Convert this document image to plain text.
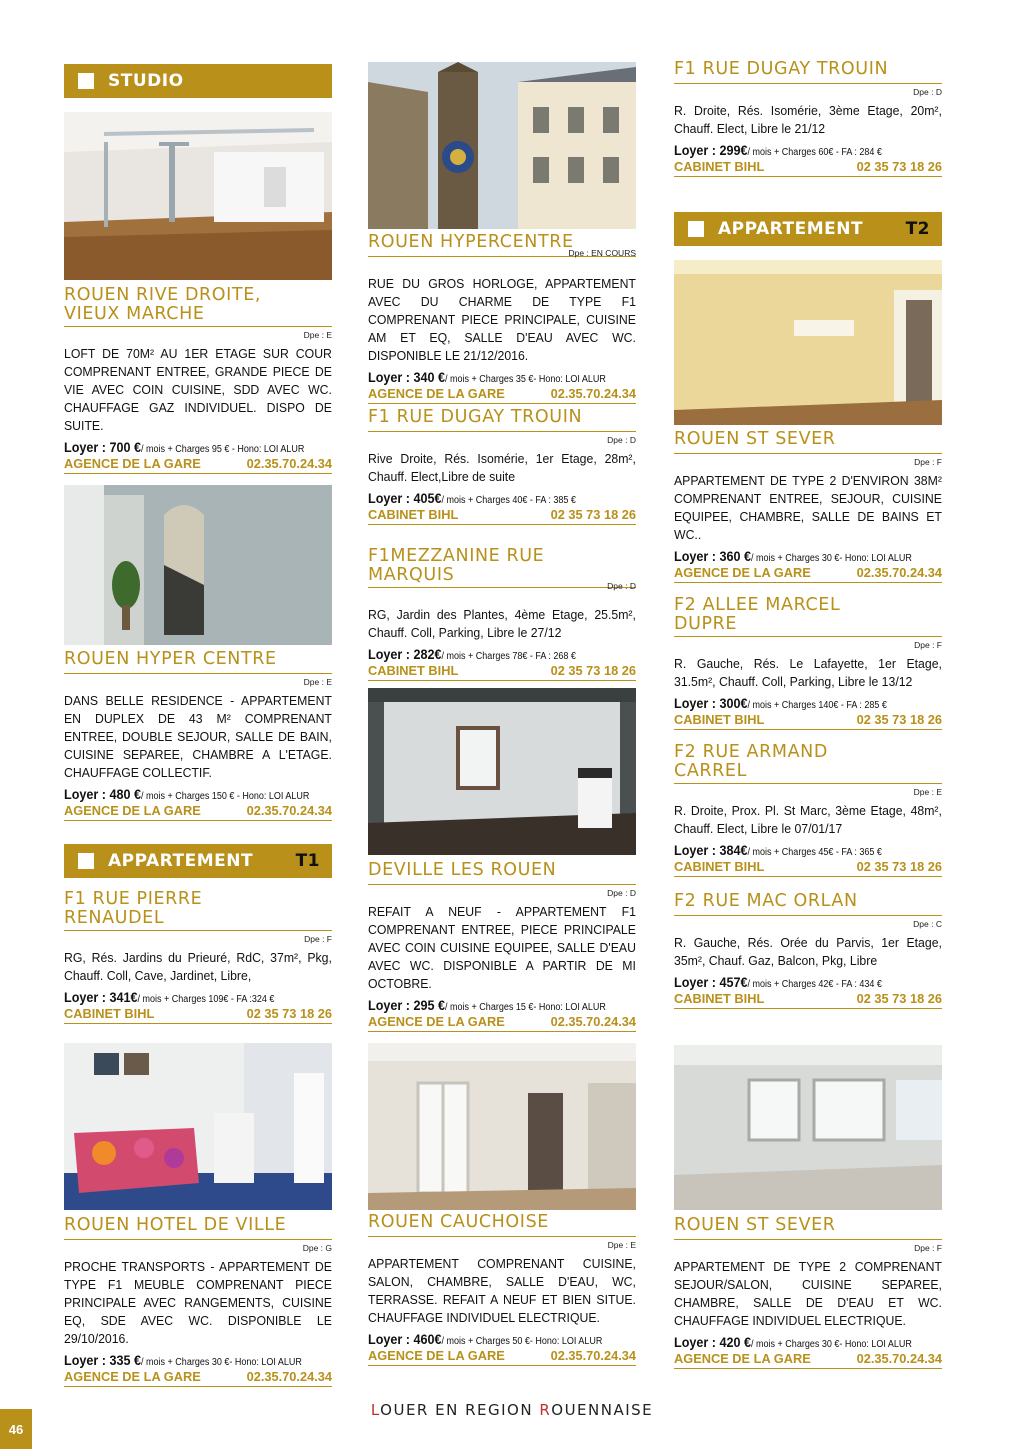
STUDIO
ROUEN RIVE DROITE, VIEUX MARCHE
Dpe : E
LOFT DE 70M² AU 1ER ETAGE SUR COUR COMPRENANT ENTREE, GRANDE PIECE DE VIE AVEC COIN CUISINE, SDD AVEC WC. CHAUFFAGE GAZ INDIVIDUEL. DISPO DE SUITE.
Loyer : 700 €/ mois + Charges 95 € - Hono: LOI ALUR
AGENCE DE LA GARE	02.35.70.24.34
ROUEN HYPER CENTRE
Dpe : E
DANS BELLE RESIDENCE - APPARTEMENT EN DUPLEX DE 43 M² COMPRENANT ENTREE, DOUBLE SEJOUR, SALLE DE BAIN, CUISINE SEPAREE, CHAMBRE A L'ETAGE. CHAUFFAGE COLLECTIF.
Loyer : 480 €/ mois + Charges 150 € - Hono: LOI ALUR
AGENCE DE LA GARE	02.35.70.24.34
APPARTEMENT	T1
F1 RUE PIERRE RENAUDEL
Dpe : F
RG, Rés. Jardins du Prieuré, RdC, 37m², Pkg, Chauff. Coll, Cave, Jardinet, Libre,
Loyer : 341€/ mois + Charges 109€ - FA :324 €
CABINET BIHL	02 35 73 18 26
ROUEN HOTEL DE VILLE
Dpe : G
PROCHE TRANSPORTS - APPARTEMENT DE TYPE F1 MEUBLE COMPRENANT PIECE PRINCIPALE AVEC RANGEMENTS, CUISINE EQ, SDE AVEC WC. DISPONIBLE LE 29/10/2016.
Loyer : 335 €/ mois + Charges 30 €- Hono: LOI ALUR
AGENCE DE LA GARE	02.35.70.24.34
ROUEN HYPERCENTRE
Dpe : EN COURS
RUE DU GROS HORLOGE, APPARTEMENT AVEC DU CHARME DE TYPE F1 COMPRENANT PIECE PRINCIPALE, CUISINE AM ET EQ, SALLE D'EAU AVEC WC. DISPONIBLE LE 21/12/2016.
Loyer : 340 €/ mois + Charges 35 €- Hono: LOI ALUR
AGENCE DE LA GARE	02.35.70.24.34
F1 RUE DUGAY TROUIN
Dpe : D
Rive Droite, Rés. Isomérie, 1er Etage, 28m², Chauff. Elect,Libre de suite
Loyer : 405€/ mois + Charges 40€ - FA : 385 €
CABINET BIHL	02 35 73 18 26
F1MEZZANINE RUE MARQUIS
Dpe : D
RG, Jardin des Plantes, 4ème Etage, 25.5m², Chauff. Coll, Parking, Libre le 27/12
Loyer : 282€/ mois + Charges 78€ - FA : 268 €
CABINET BIHL	02 35 73 18 26
DEVILLE LES ROUEN
Dpe : D
REFAIT A NEUF - APPARTEMENT F1 COMPRENANT ENTREE, PIECE PRINCIPALE AVEC COIN CUISINE EQUIPEE, SALLE D'EAU AVEC WC. DISPONIBLE A PARTIR DE MI OCTOBRE.
Loyer : 295 €/ mois + Charges 15 €- Hono: LOI ALUR
AGENCE DE LA GARE	02.35.70.24.34
ROUEN CAUCHOISE
Dpe : E
APPARTEMENT COMPRENANT CUISINE, SALON, CHAMBRE, SALLE D'EAU, WC, TERRASSE. REFAIT A NEUF ET BIEN SITUE. CHAUFFAGE INDIVIDUEL ELECTRIQUE.
Loyer : 460€/ mois + Charges 50 €- Hono: LOI ALUR
AGENCE DE LA GARE	02.35.70.24.34
F1 RUE DUGAY TROUIN
Dpe : D
R. Droite, Rés. Isomérie, 3ème Etage, 20m², Chauff. Elect, Libre le 21/12
Loyer : 299€/ mois + Charges 60€ - FA : 284 €
CABINET BIHL	02 35 73 18 26
APPARTEMENT	T2
ROUEN ST SEVER
Dpe : F
APPARTEMENT DE TYPE 2 D'ENVIRON 38M² COMPRENANT ENTREE, SEJOUR, CUISINE EQUIPEE, CHAMBRE, SALLE DE BAINS ET WC..
Loyer : 360 €/ mois + Charges 30 €- Hono: LOI ALUR
AGENCE DE LA GARE	02.35.70.24.34
F2 ALLEE MARCEL DUPRE
Dpe : F
R. Gauche, Rés. Le Lafayette, 1er Etage, 31.5m², Chauff. Coll, Parking, Libre le 13/12
Loyer : 300€/ mois + Charges 140€ - FA : 285 €
CABINET BIHL	02 35 73 18 26
F2 RUE ARMAND CARREL
Dpe : E
R. Droite, Prox. Pl. St Marc, 3ème Etage, 48m², Chauff. Elect, Libre le 07/01/17
Loyer : 384€/ mois + Charges 45€ - FA : 365 €
CABINET BIHL	02 35 73 18 26
F2 RUE MAC ORLAN
Dpe : C
R. Gauche, Rés. Orée du Parvis, 1er Etage, 35m², Chauf. Gaz, Balcon, Pkg, Libre
Loyer : 457€/ mois + Charges 42€ - FA : 434 €
CABINET BIHL	02 35 73 18 26
ROUEN ST SEVER
Dpe : F
APPARTEMENT DE TYPE 2 COMPRENANT SEJOUR/SALON, CUISINE SEPAREE, CHAMBRE, SALLE DE D'EAU ET WC. CHAUFFAGE INDIVIDUEL ELECTRIQUE.
Loyer : 420 €/ mois + Charges 30 €- Hono: LOI ALUR
AGENCE DE LA GARE	02.35.70.24.34
46
LOUER EN REGION ROUENNAISE
